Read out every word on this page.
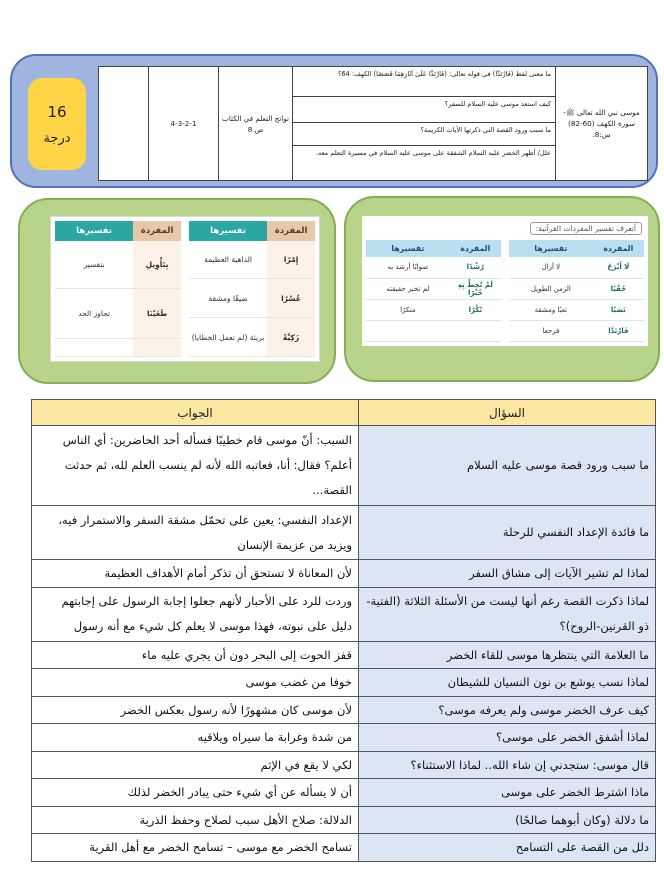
16
درجة
موسى نبي الله تعالى ﷺ- سورة الكهف (60-82) س:8.
ما معنى لفظ (فَارْتَدَّا) في قوله تعالى: (فَارْتَدَّا عَلَىٰ آثَارِهِمَا قَصَصًا) الكهف: 64؟
كيف استعد موسى عليه السلام للسفر؟
ما سبب ورود القصة التي ذكرتها الآيات الكريمة؟
علل/ أظهر الخضر عليه السلام الشفقة على موسى عليه السلام في مسيرة التعلم معه.
نواتج التعلم في الكتاب ص 8
4-3-2-1
المفردة	تفسيرها
إِمْرًا	الداهية العظيمة
عُسْرًا	ضيقًا ومشقة
زَكِيَّةً	بريئة (لم تعمل الخطايا)
المفردة	تفسيرها
بِتَأْوِيلِ	بتفسير
طَغَيْنَا	تجاوز الحد

أتعرف تفسير المفردات القرآنية:
المفردة	تفسيرها
لَا أَبْرَحُ	لا أزال
حُقُبًا	الزمن الطويل
نَصَبًا	تعبًا ومشقة
فَارْتَدَّا	فرجعا
المفردة	تفسيرها
رُشْدًا	صوابًا أرشد به
لَمْ تُحِطْ بِهِ خُبْرًا	لم تخبر حقيقته
نُكْرًا	منكرًا

السؤال	الجواب
ما سبب ورود قصة موسى عليه السلام	السبب: أنّ موسى قام خطيبًا فسأله أحد الحاضرين: أي الناس أعلم؟ فقال: أنا، فعاتبه الله لأنه لم ينسب العلم لله، ثم حدثت القصة...
ما فائدة الإعداد النفسي للرحلة	الإعداد النفسي: يعين على تحمّل مشقة السفر والاستمرار فيه، ويزيد من عزيمة الإنسان
لماذا لم تشير الآيات إلى مشاق السفر	لأن المعاناة لا تستحق أن تذكر أمام الأهداف العظيمة
لماذا ذكرت القصة رغم أنها ليست من الأسئلة الثلاثة (الفتية- ذو القرنين-الروح)؟	وردت للرد على الأحبار لأنهم جعلوا إجابة الرسول على إجابتهم دليل على نبوته، فهذا موسى لا يعلم كل شيء مع أنه رسول
ما العلامة التي ينتظرها موسى للقاء الخضر	قفز الحوت إلى البحر دون أن يجري عليه ماء
لماذا نسب يوشع بن نون النسيان للشيطان	خوفا من غضب موسى
كيف عرف الخضر موسى ولم يعرفه موسى؟	لأن موسى كان مشهورًا لأنه رسول بعكس الخضر
لماذا أشفق الخضر على موسى؟	من شدة وغرابة ما سيراه ويلاقيه
قال موسى: ستجدني إن شاء الله.. لماذا الاستثناء؟	لكي لا يقع في الإثم
ماذا اشترط الخضر على موسى	أن لا يسأله عن أي شيء حتى يبادر الخضر لذلك
ما دلالة (وكان أبوهما صالحًا)	الدلالة: صلاح الأهل سبب لصلاح وحفظ الذرية
دلل من القصة على التسامح	تسامح الخضر مع موسى – تسامح الخضر مع أهل القرية
